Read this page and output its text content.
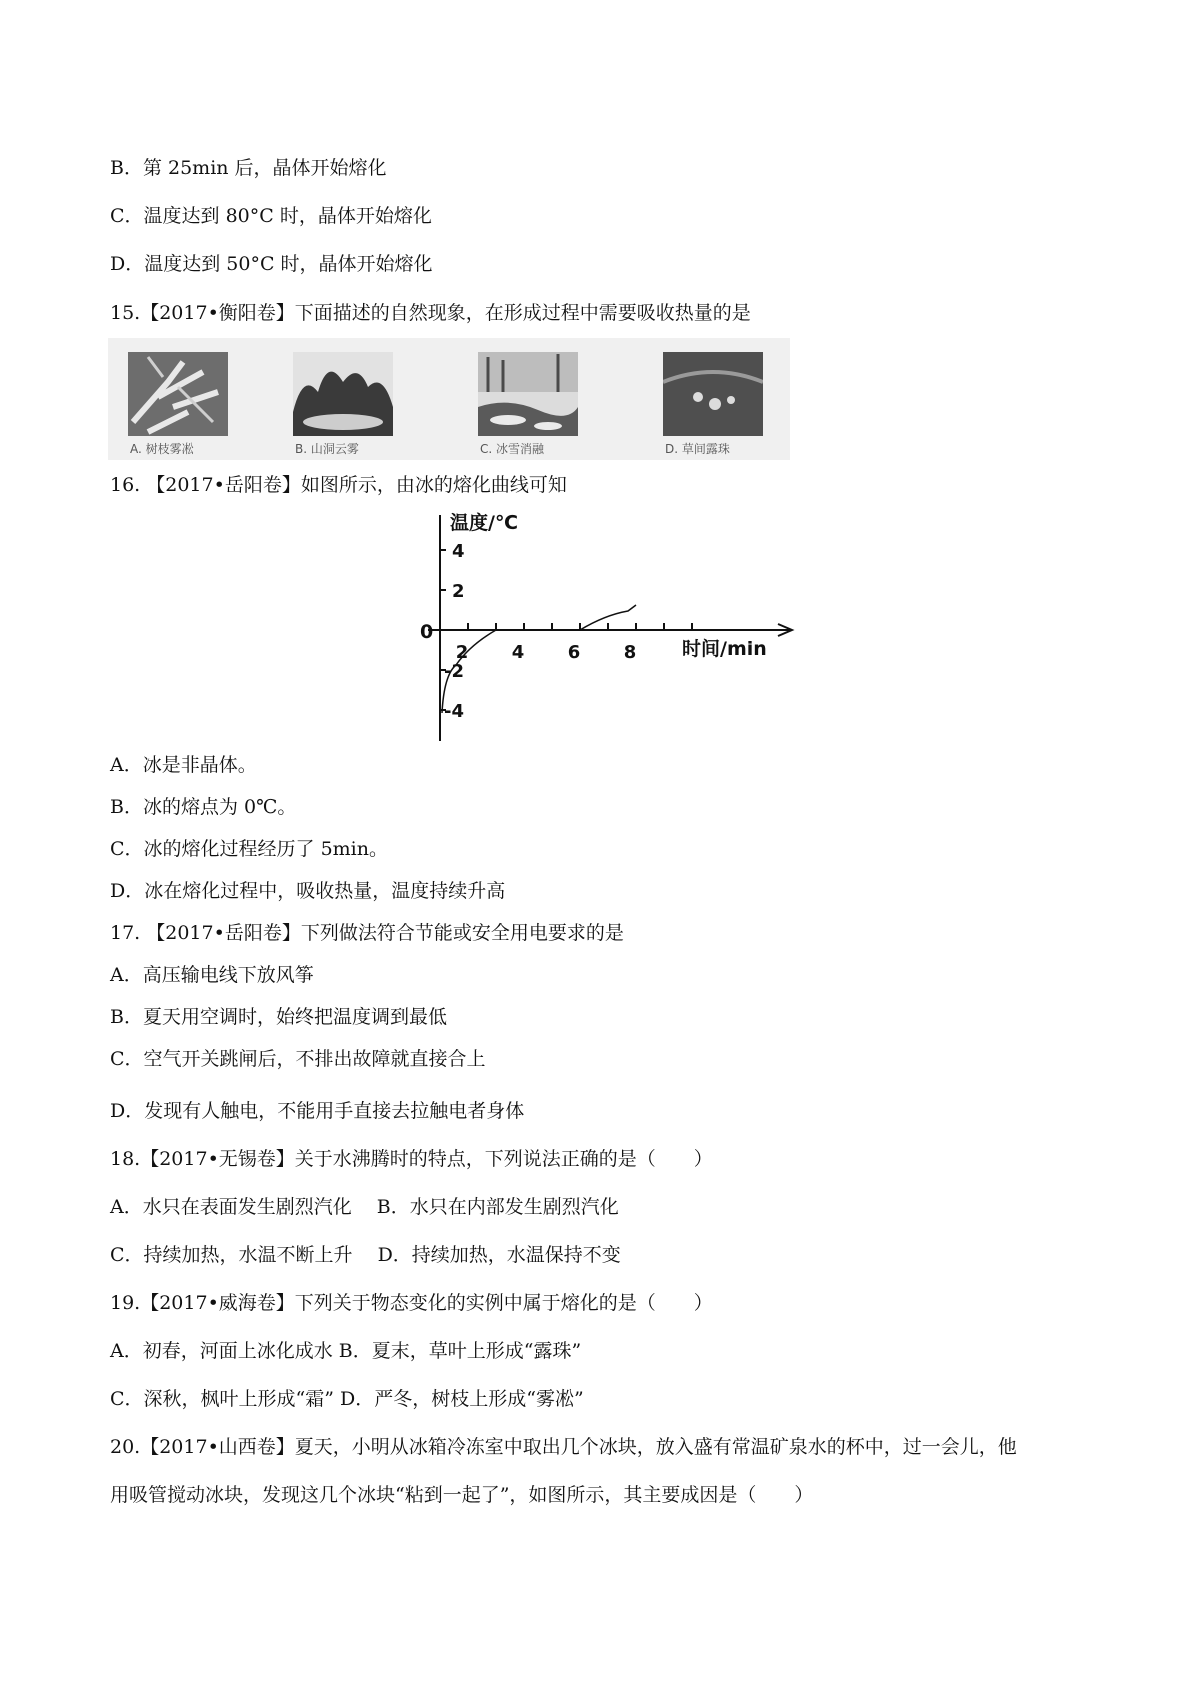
B．第 25min 后，晶体开始熔化
C．温度达到 80°C 时，晶体开始熔化
D．温度达到 50°C 时，晶体开始熔化
15.【2017•衡阳卷】下面描述的自然现象，在形成过程中需要吸收热量的是
A. 树枝雾凇	B. 山洞云雾	C. 冰雪消融	D. 草间露珠
16. 【2017•岳阳卷】如图所示，由冰的熔化曲线可知
温度/℃
时间/min
0
2 4 6 8
4
2
-2
-4
A．冰是非晶体。
B．冰的熔点为 0℃。
C．冰的熔化过程经历了 5min。
D．冰在熔化过程中，吸收热量，温度持续升高
17. 【2017•岳阳卷】下列做法符合节能或安全用电要求的是
A．高压输电线下放风筝
B．夏天用空调时，始终把温度调到最低
C．空气开关跳闸后，不排出故障就直接合上
D．发现有人触电，不能用手直接去拉触电者身体
18.【2017•无锡卷】关于水沸腾时的特点，下列说法正确的是（　　）
A．水只在表面发生剧烈汽化　 B．水只在内部发生剧烈汽化
C．持续加热，水温不断上升　 D．持续加热，水温保持不变
19.【2017•威海卷】下列关于物态变化的实例中属于熔化的是（　　）
A．初春，河面上冰化成水 B．夏末，草叶上形成“露珠”
C．深秋，枫叶上形成“霜” D．严冬，树枝上形成“雾凇”
20.【2017•山西卷】夏天，小明从冰箱冷冻室中取出几个冰块，放入盛有常温矿泉水的杯中，过一会儿，他
用吸管搅动冰块，发现这几个冰块“粘到一起了”，如图所示，其主要成因是（　　）
